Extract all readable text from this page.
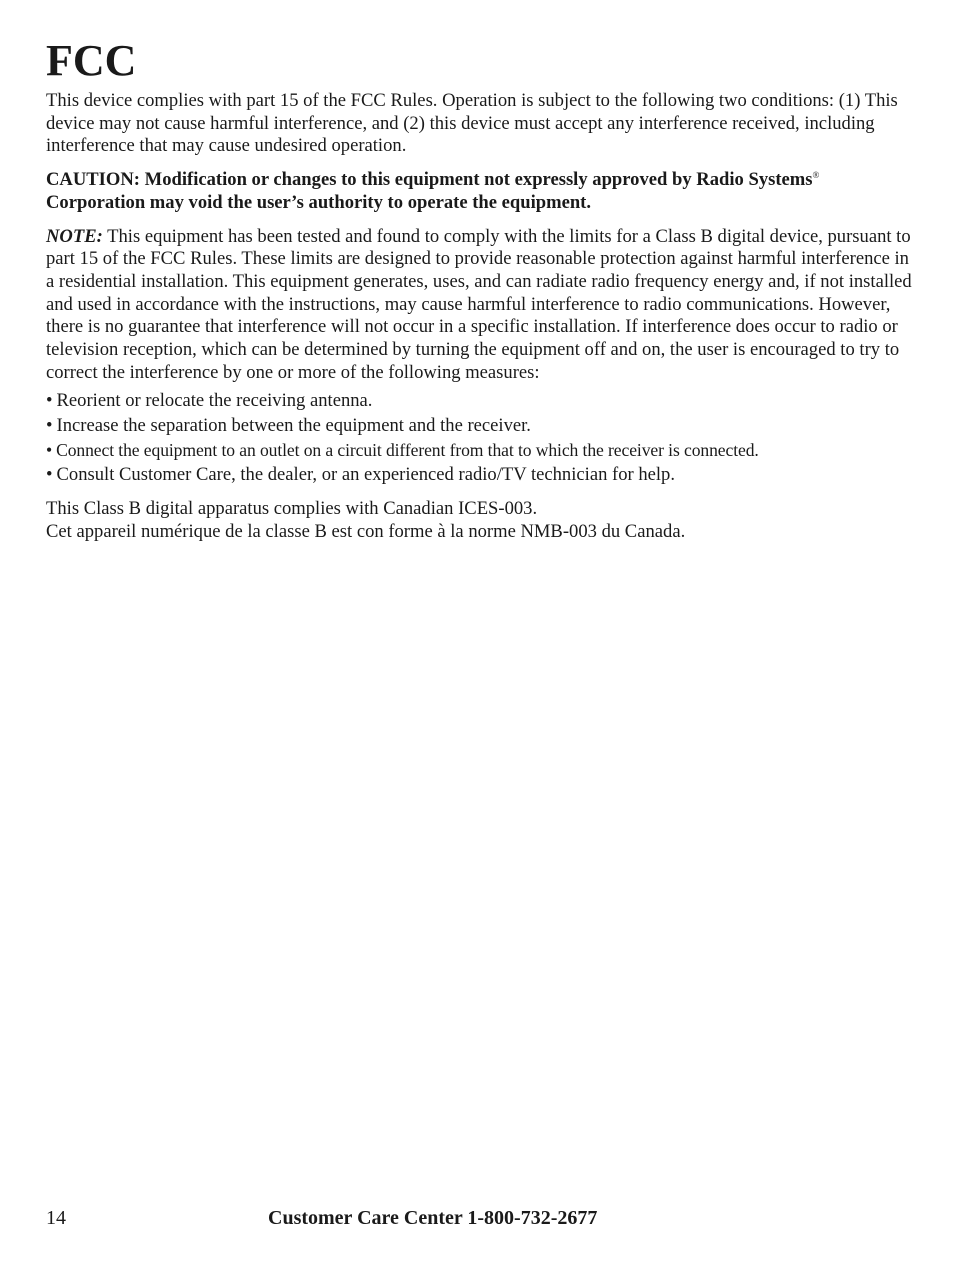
FCC

This device complies with part 15 of the FCC Rules. Operation is subject to the following two conditions: (1) This device may not cause harmful interference, and (2) this device must accept any interference received, including interference that may cause undesired operation.

CAUTION: Modification or changes to this equipment not expressly approved by Radio Systems® Corporation may void the user’s authority to operate the equipment.

NOTE: This equipment has been tested and found to comply with the limits for a Class B digital device, pursuant to part 15 of the FCC Rules. These limits are designed to provide reasonable protection against harmful interference in a residential installation. This equipment generates, uses, and can radiate radio frequency energy and, if not installed and used in accordance with the instructions, may cause harmful interference to radio communications. However, there is no guarantee that interference will not occur in a specific installation. If interference does occur to radio or television reception, which can be determined by turning the equipment off and on, the user is encouraged to try to correct the interference by one or more of the following measures:

• Reorient or relocate the receiving antenna.
• Increase the separation between the equipment and the receiver.
• Connect the equipment to an outlet on a circuit different from that to which the receiver is connected.
• Consult Customer Care, the dealer, or an experienced radio/TV technician for help.
This Class B digital apparatus complies with Canadian ICES-003.
Cet appareil numérique de la classe B est con forme à la norme NMB-003 du Canada.
14	Customer Care Center 1-800-732-2677
